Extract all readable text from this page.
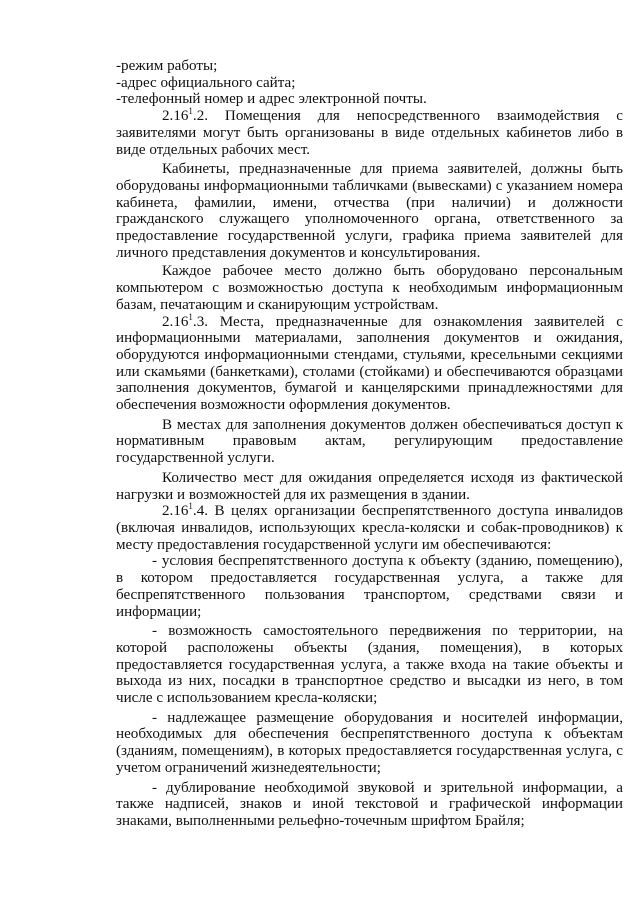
-режим работы;

-адрес официального сайта;

-телефонный номер и адрес электронной почты.

2.16$^1$.2. Помещения для непосредственного взаимодействия с заявителями могут быть организованы в виде отдельных кабинетов либо в виде отдельных рабочих мест.

Кабинеты, предназначенные для приема заявителей, должны быть оборудованы информационными табличками (вывесками) с указанием номера кабинета, фамилии, имени, отчества (при наличии) и должности гражданского служащего уполномоченного органа, ответственного за предоставление государственной услуги, графика приема заявителей для личного представления документов и консультирования.

Каждое рабочее место должно быть оборудовано персональным компьютером с возможностью доступа к необходимым информационным базам, печатающим и сканирующим устройствам.

2.16$^1$.3. Места, предназначенные для ознакомления заявителей с информационными материалами, заполнения документов и ожидания, оборудуются информационными стендами, стульями, кресельными секциями или скамьями (банкетками), столами (стойками) и обеспечиваются образцами заполнения документов, бумагой и канцелярскими принадлежностями для обеспечения возможности оформления документов.

В местах для заполнения документов должен обеспечиваться доступ к нормативным правовым актам, регулирующим предоставление государственной услуги.

Количество мест для ожидания определяется исходя из фактической нагрузки и возможностей для их размещения в здании.

2.16$^1$.4. В целях организации беспрепятственного доступа инвалидов (включая инвалидов, использующих кресла-коляски и собак-проводников) к месту предоставления государственной услуги им обеспечиваются:

- условия беспрепятственного доступа к объекту (зданию, помещению), в котором предоставляется государственная услуга, а также для беспрепятственного пользования транспортом, средствами связи и информации;

- возможность самостоятельного передвижения по территории, на которой расположены объекты (здания, помещения), в которых предоставляется государственная услуга, а также входа на такие объекты и выхода из них, посадки в транспортное средство и высадки из него, в том числе с использованием кресла-коляски;

- надлежащее размещение оборудования и носителей информации, необходимых для обеспечения беспрепятственного доступа к объектам (зданиям, помещениям), в которых предоставляется государственная услуга, с учетом ограничений жизнедеятельности;

- дублирование необходимой звуковой и зрительной информации, а также надписей, знаков и иной текстовой и графической информации знаками, выполненными рельефно-точечным шрифтом Брайля;
